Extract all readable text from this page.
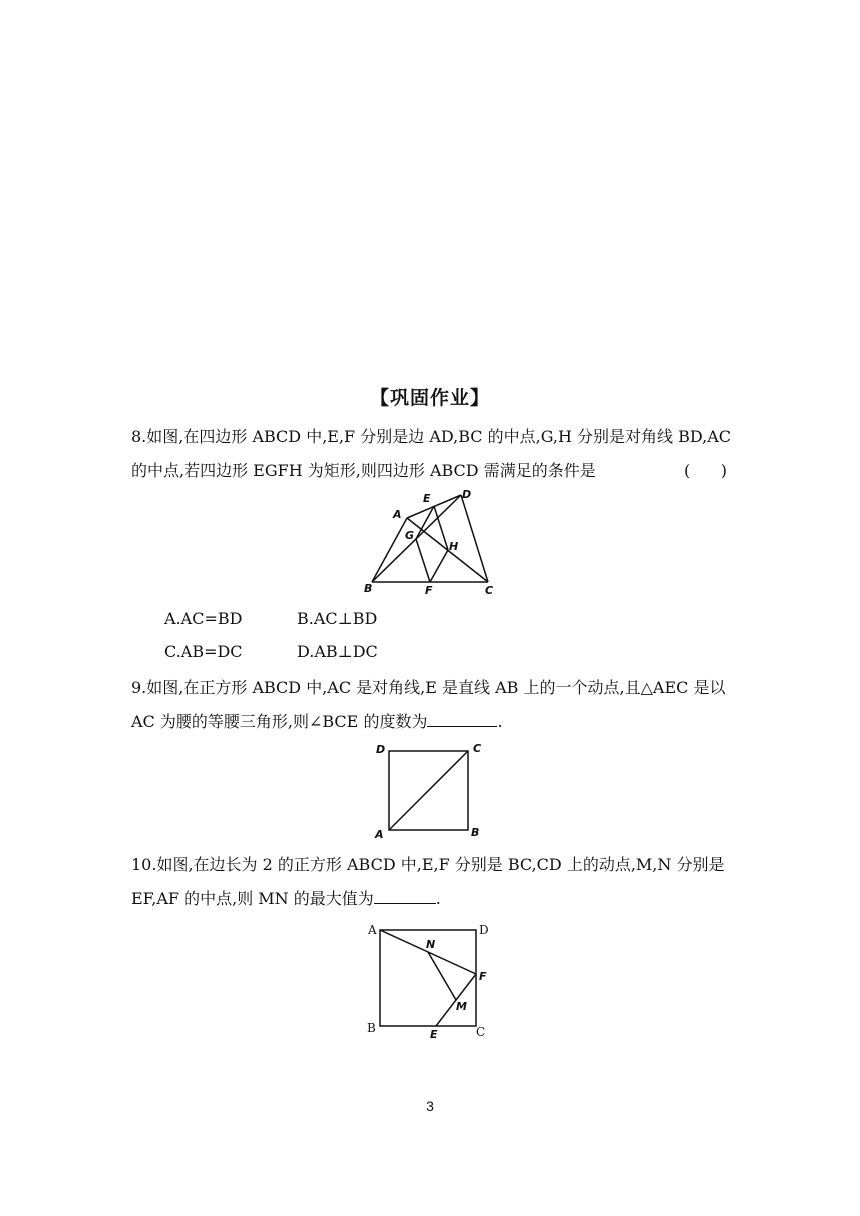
【巩固作业】
8.如图,在四边形 ABCD 中,E,F 分别是边 AD,BC 的中点,G,H 分别是对角线 BD,AC
的中点,若四边形 EGFH 为矩形,则四边形 ABCD 需满足的条件是	(      )
A
E	D
G
H
B	F	C
A.AC=BD	B.AC⊥BD
C.AB=DC	D.AB⊥DC
9.如图,在正方形 ABCD 中,AC 是对角线,E 是直线 AB 上的一个动点,且△AEC 是以
AC 为腰的等腰三角形,则∠BCE 的度数为	.
D	C
A	B
10.如图,在边长为 2 的正方形 ABCD 中,E,F 分别是 BC,CD 上的动点,M,N 分别是
EF,AF 的中点,则 MN 的最大值为	.
A	D
N
F
M
B	E	C
3
